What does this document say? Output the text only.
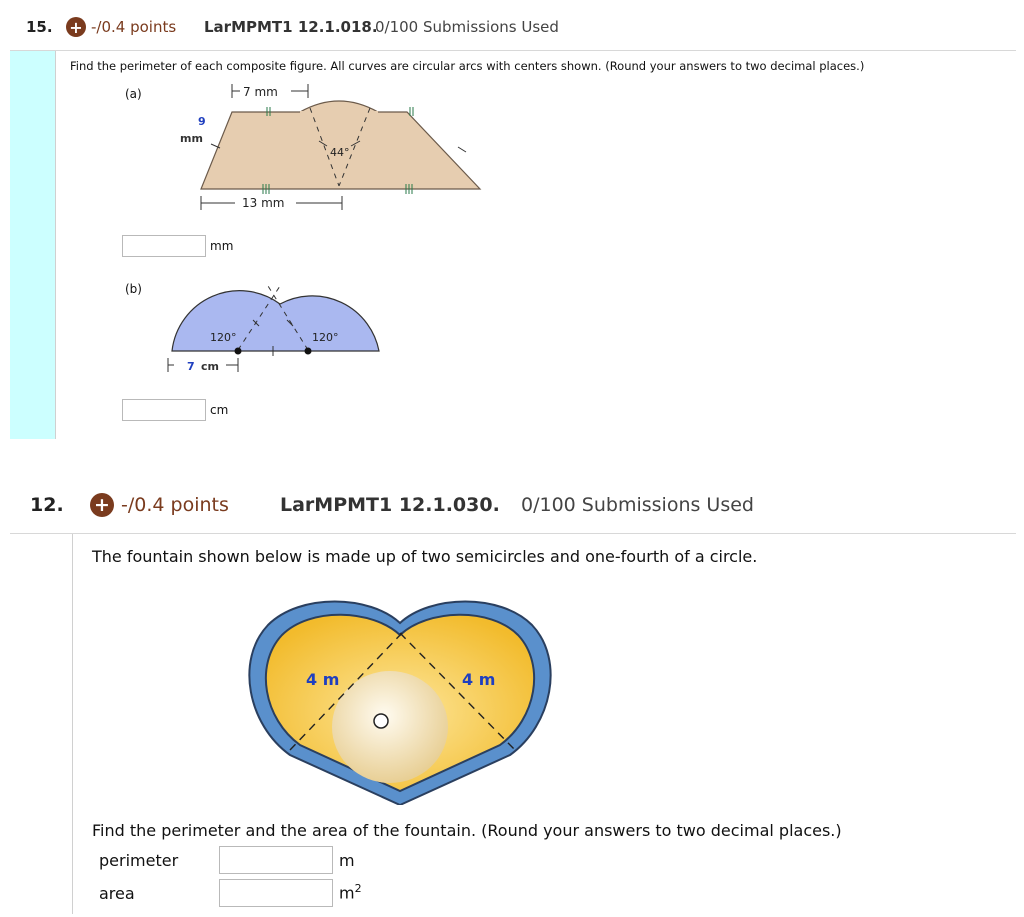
15. + -/0.4 points LarMPMT1 12.1.018.
0/100 Submissions Used
Find the perimeter of each composite figure. All curves are circular arcs with centers shown. (Round your answers to two decimal places.)
(a)	7 mm
9
mm
44°
13 mm
mm
(b)
120°	120°
7 cm
cm
12. + -/0.4 points	LarMPMT1 12.1.030. 0/100 Submissions Used
The fountain shown below is made up of two semicircles and one-fourth of a circle.
4 m	4 m
Find the perimeter and the area of the fountain. (Round your answers to two decimal places.)
perimeter	m
area	$m^2$
